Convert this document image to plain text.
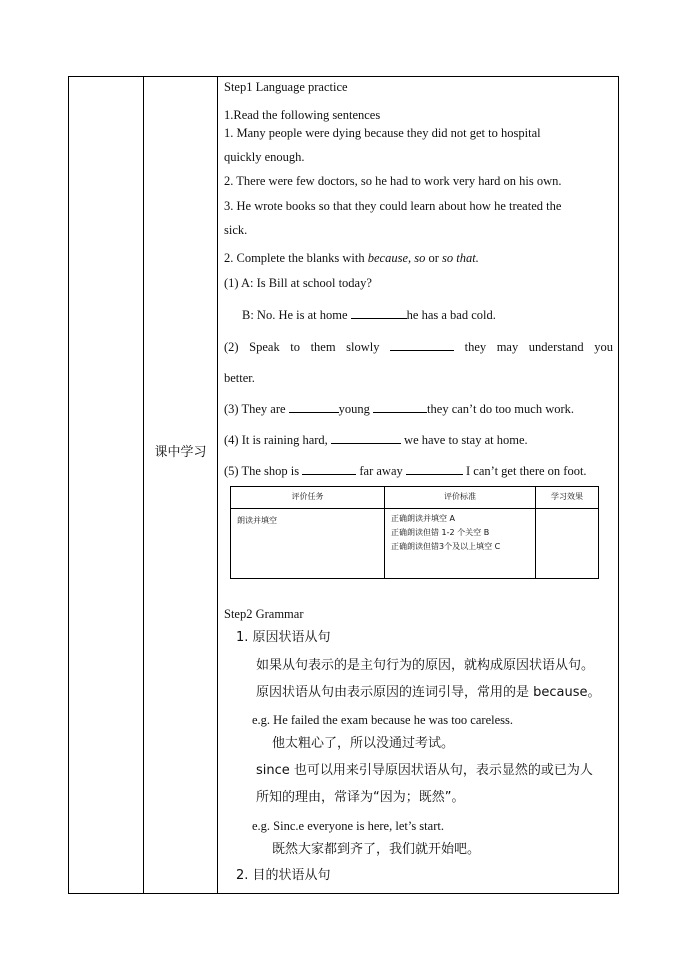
课中学习
Step1 Language practice
1.Read the following sentences
1. Many people were dying because they did not get to hospital
quickly enough.
2. There were few doctors, so he had to work very hard on his own.
3. He wrote books so that they could learn about how he treated the
sick.
2. Complete the blanks with because, so or so that.
(1) A: Is Bill at school today?
B: No. He is at home	he has a bad cold.
(2) Speak to them slowly	they may understand you
better.
(3) They are	young	they can’t do too much work.
(4) It is raining hard,	we have to stay at home.
(5) The shop is	far away	I can’t get there on foot.
评价任务	评价标准	学习效果

朗读并填空	正确朗读并填空 A
正确朗读但错 1-2 个关空 B
正确朗读但错3个及以上填空 C	

Step2 Grammar
1. 原因状语从句
如果从句表示的是主句行为的原因，就构成原因状语从句。
原因状语从句由表示原因的连词引导，常用的是 because。
e.g. He failed the exam because he was too careless.
他太粗心了，所以没通过考试。
since 也可以用来引导原因状语从句，表示显然的或已为人
所知的理由，常译为“因为；既然”。
e.g. Sinc.e everyone is here, let’s start.
既然大家都到齐了，我们就开始吧。
2. 目的状语从句
